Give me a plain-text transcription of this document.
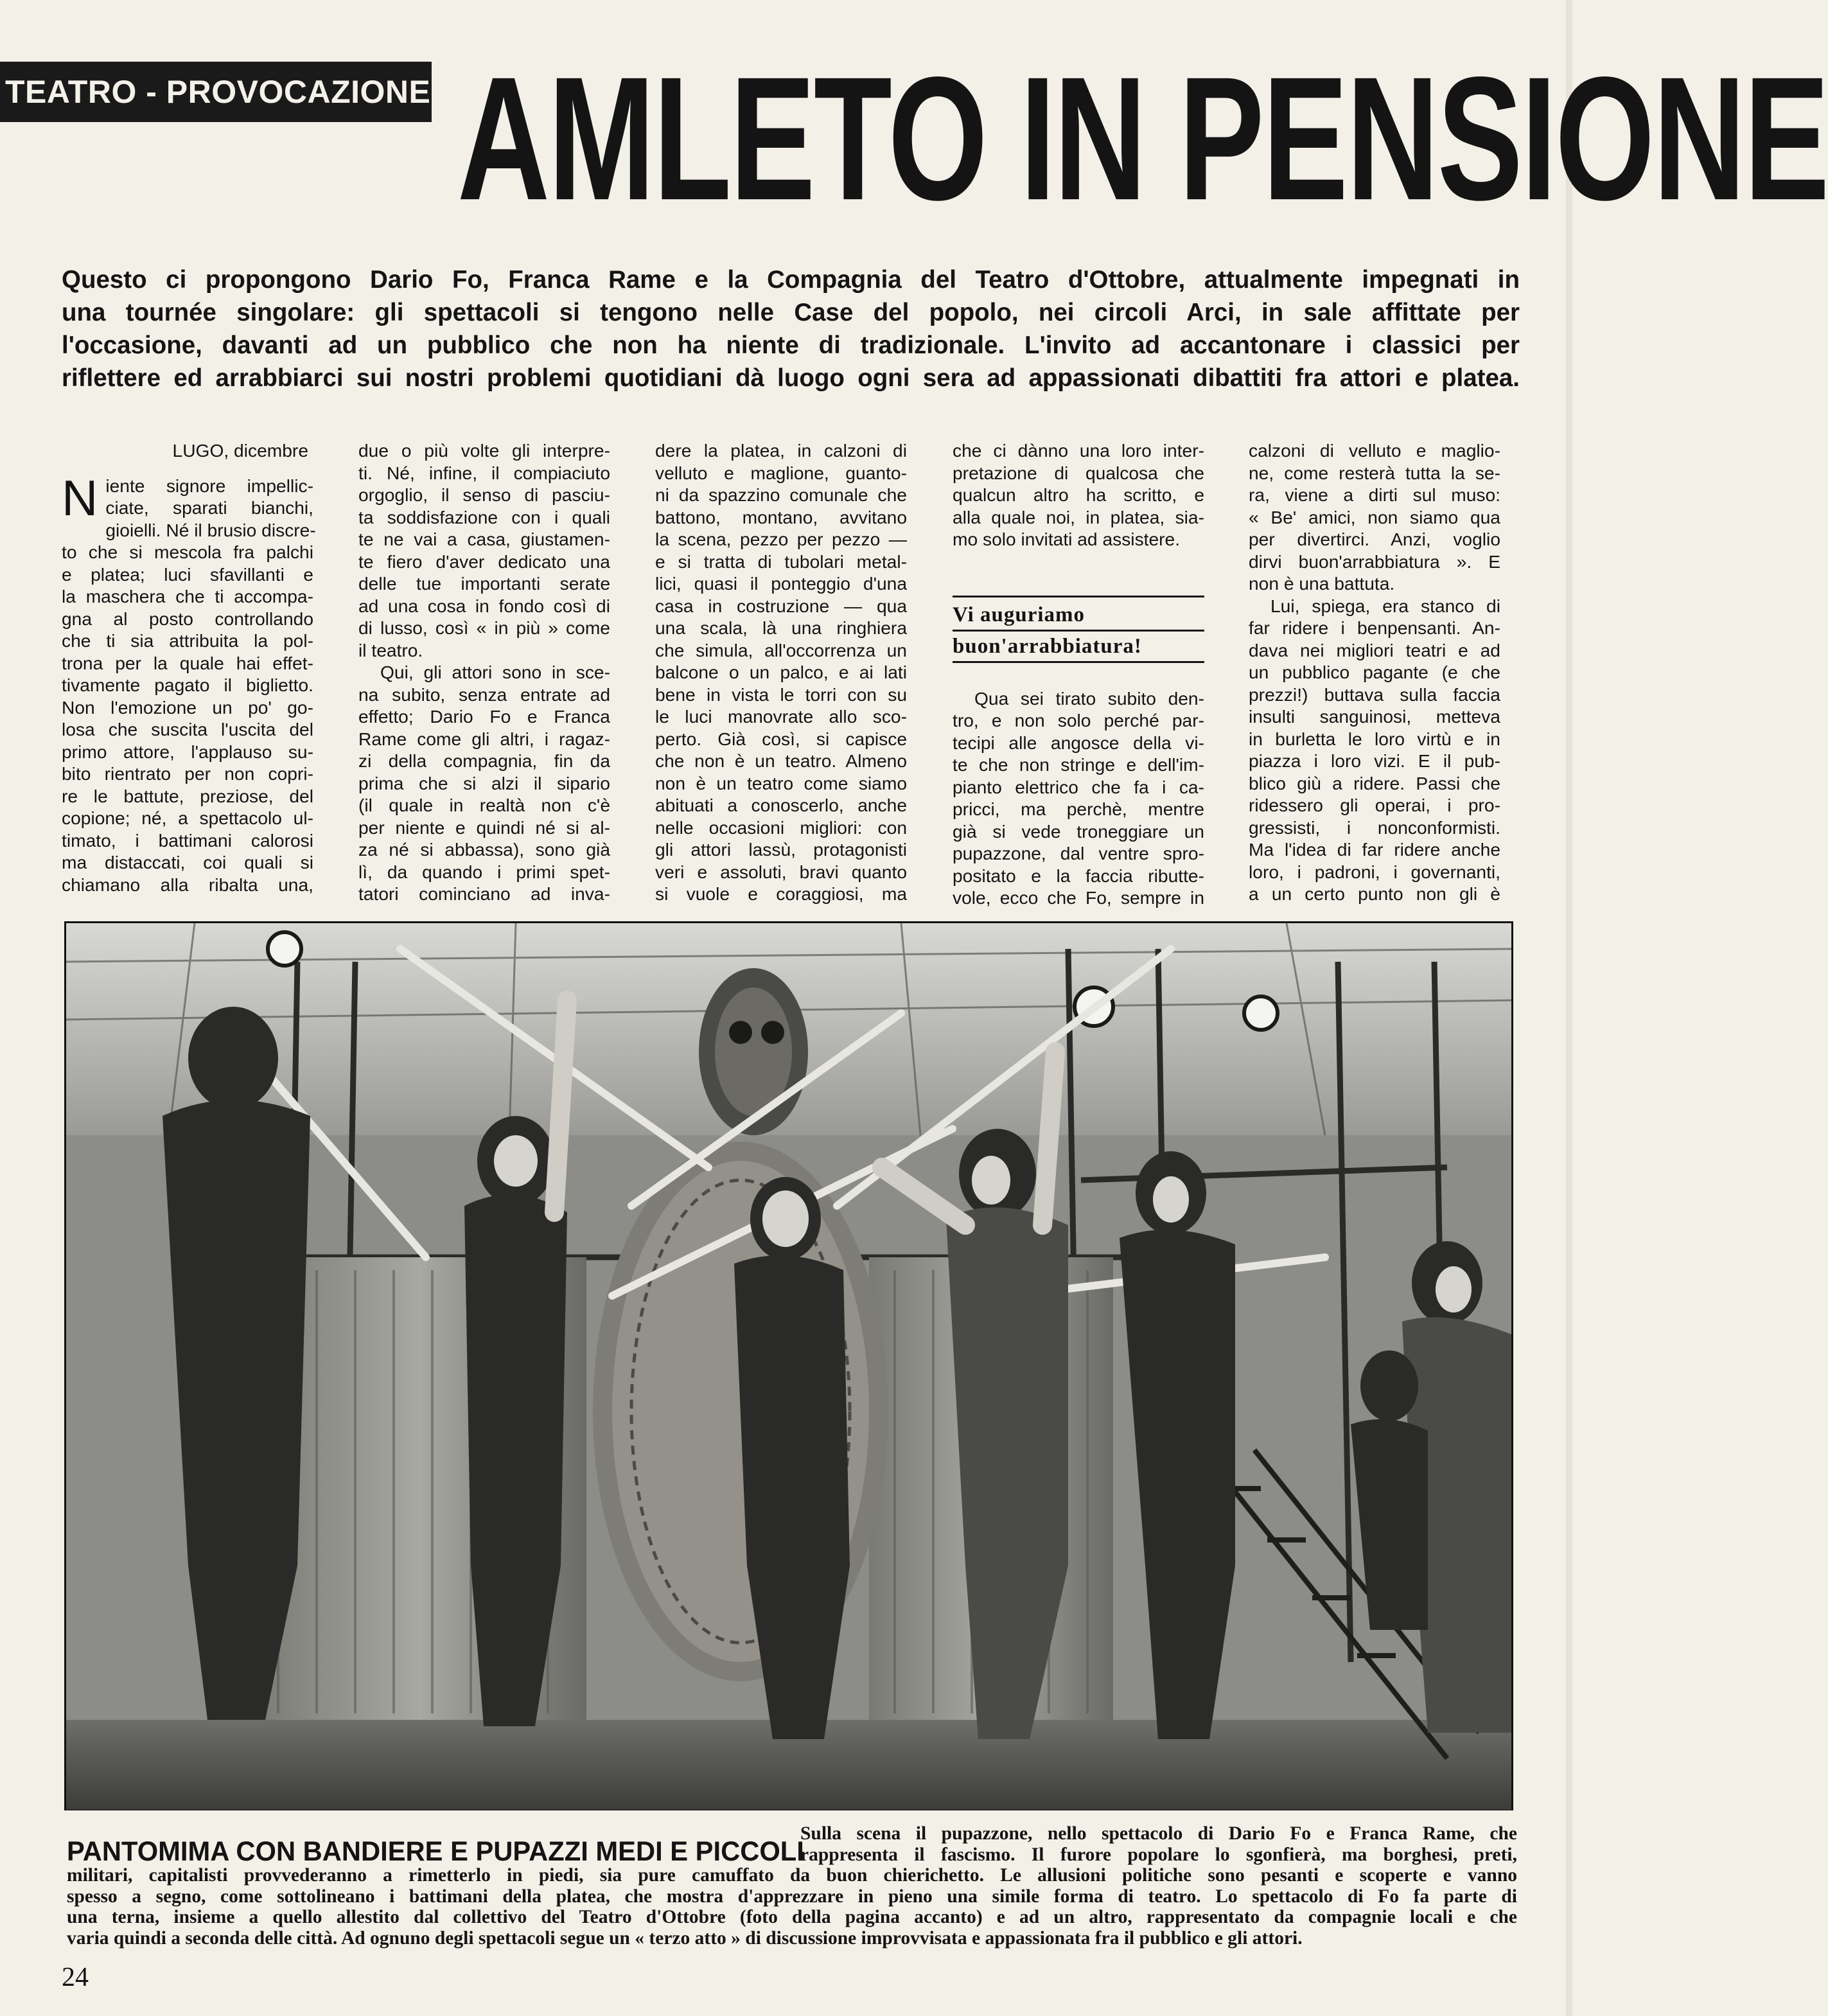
TEATRO - PROVOCAZIONE AMLETO IN PENSIONE
Questo ci propongono Dario Fo, Franca Rame e la Compagnia del Teatro d'Ottobre, attualmente impegnati in
una tournée singolare: gli spettacoli si tengono nelle Case del popolo, nei circoli Arci, in sale affittate per
l'occasione, davanti ad un pubblico che non ha niente di tradizionale. L'invito ad accantonare i classici per
riflettere ed arrabbiarci sui nostri problemi quotidiani dà luogo ogni sera ad appassionati dibattiti fra attori e platea.
LUGO, dicembre
N iente signore impellic-
ciate, sparati bianchi,
gioielli. Né il brusio discre-
to che si mescola fra palchi
e platea; luci sfavillanti e
la maschera che ti accompa-
gna al posto controllando
che ti sia attribuita la pol-
trona per la quale hai effet-
tivamente pagato il biglietto.
Non l'emozione un po' go-
losa che suscita l'uscita del
primo attore, l'applauso su-
bito rientrato per non copri-
re le battute, preziose, del
copione; né, a spettacolo ul-
timato, i battimani calorosi
ma distaccati, coi quali si
chiamano alla ribalta una,
due o più volte gli interpre-
ti. Né, infine, il compiaciuto
orgoglio, il senso di pasciu-
ta soddisfazione con i quali
te ne vai a casa, giustamen-
te fiero d'aver dedicato una
delle tue importanti serate
ad una cosa in fondo così di
di lusso, così « in più » come
il teatro.
Qui, gli attori sono in sce-
na subito, senza entrate ad
effetto; Dario Fo e Franca
Rame come gli altri, i ragaz-
zi della compagnia, fin da
prima che si alzi il sipario
(il quale in realtà non c'è
per niente e quindi né si al-
za né si abbassa), sono già
lì, da quando i primi spet-
tatori cominciano ad inva-
dere la platea, in calzoni di
velluto e maglione, guanto-
ni da spazzino comunale che
battono, montano, avvitano
la scena, pezzo per pezzo —
e si tratta di tubolari metal-
lici, quasi il ponteggio d'una
casa in costruzione — qua
una scala, là una ringhiera
che simula, all'occorrenza un
balcone o un palco, e ai lati
bene in vista le torri con su
le luci manovrate allo sco-
perto. Già così, si capisce
che non è un teatro. Almeno
non è un teatro come siamo
abituati a conoscerlo, anche
nelle occasioni migliori: con
gli attori lassù, protagonisti
veri e assoluti, bravi quanto
si vuole e coraggiosi, ma
che ci dànno una loro inter-
pretazione di qualcosa che
qualcun altro ha scritto, e
alla quale noi, in platea, sia-
mo solo invitati ad assistere.
Vi auguriamo
buon'arrabbiatura!
Qua sei tirato subito den-
tro, e non solo perché par-
tecipi alle angosce della vi-
te che non stringe e dell'im-
pianto elettrico che fa i ca-
pricci, ma perchè, mentre
già si vede troneggiare un
pupazzone, dal ventre spro-
positato e la faccia ributte-
vole, ecco che Fo, sempre in
calzoni di velluto e maglio-
ne, come resterà tutta la se-
ra, viene a dirti sul muso:
« Be' amici, non siamo qua
per divertirci. Anzi, voglio
dirvi buon'arrabbiatura ». E
non è una battuta.
Lui, spiega, era stanco di
far ridere i benpensanti. An-
dava nei migliori teatri e ad
un pubblico pagante (e che
prezzi!) buttava sulla faccia
insulti sanguinosi, metteva
in burletta le loro virtù e in
piazza i loro vizi. E il pub-
blico giù a ridere. Passi che
ridessero gli operai, i pro-
gressisti, i nonconformisti.
Ma l'idea di far ridere anche
loro, i padroni, i governanti,
a un certo punto non gli è
PANTOMIMA CON BANDIERE E PUPAZZI MEDI E PICCOLI
Sulla scena il pupazzone, nello spettacolo di Dario Fo e Franca Rame, che
rappresenta il fascismo. Il furore popolare lo sgonfierà, ma borghesi, preti,
militari, capitalisti provvederanno a rimetterlo in piedi, sia pure camuffato da buon chierichetto. Le allusioni politiche sono pesanti e scoperte e vanno
spesso a segno, come sottolineano i battimani della platea, che mostra d'apprezzare in pieno una simile forma di teatro. Lo spettacolo di Fo fa parte di
una terna, insieme a quello allestito dal collettivo del Teatro d'Ottobre (foto della pagina accanto) e ad un altro, rappresentato da compagnie locali e che
varia quindi a seconda delle città. Ad ognuno degli spettacoli segue un « terzo atto » di discussione improvvisata e appassionata fra il pubblico e gli attori.
24
